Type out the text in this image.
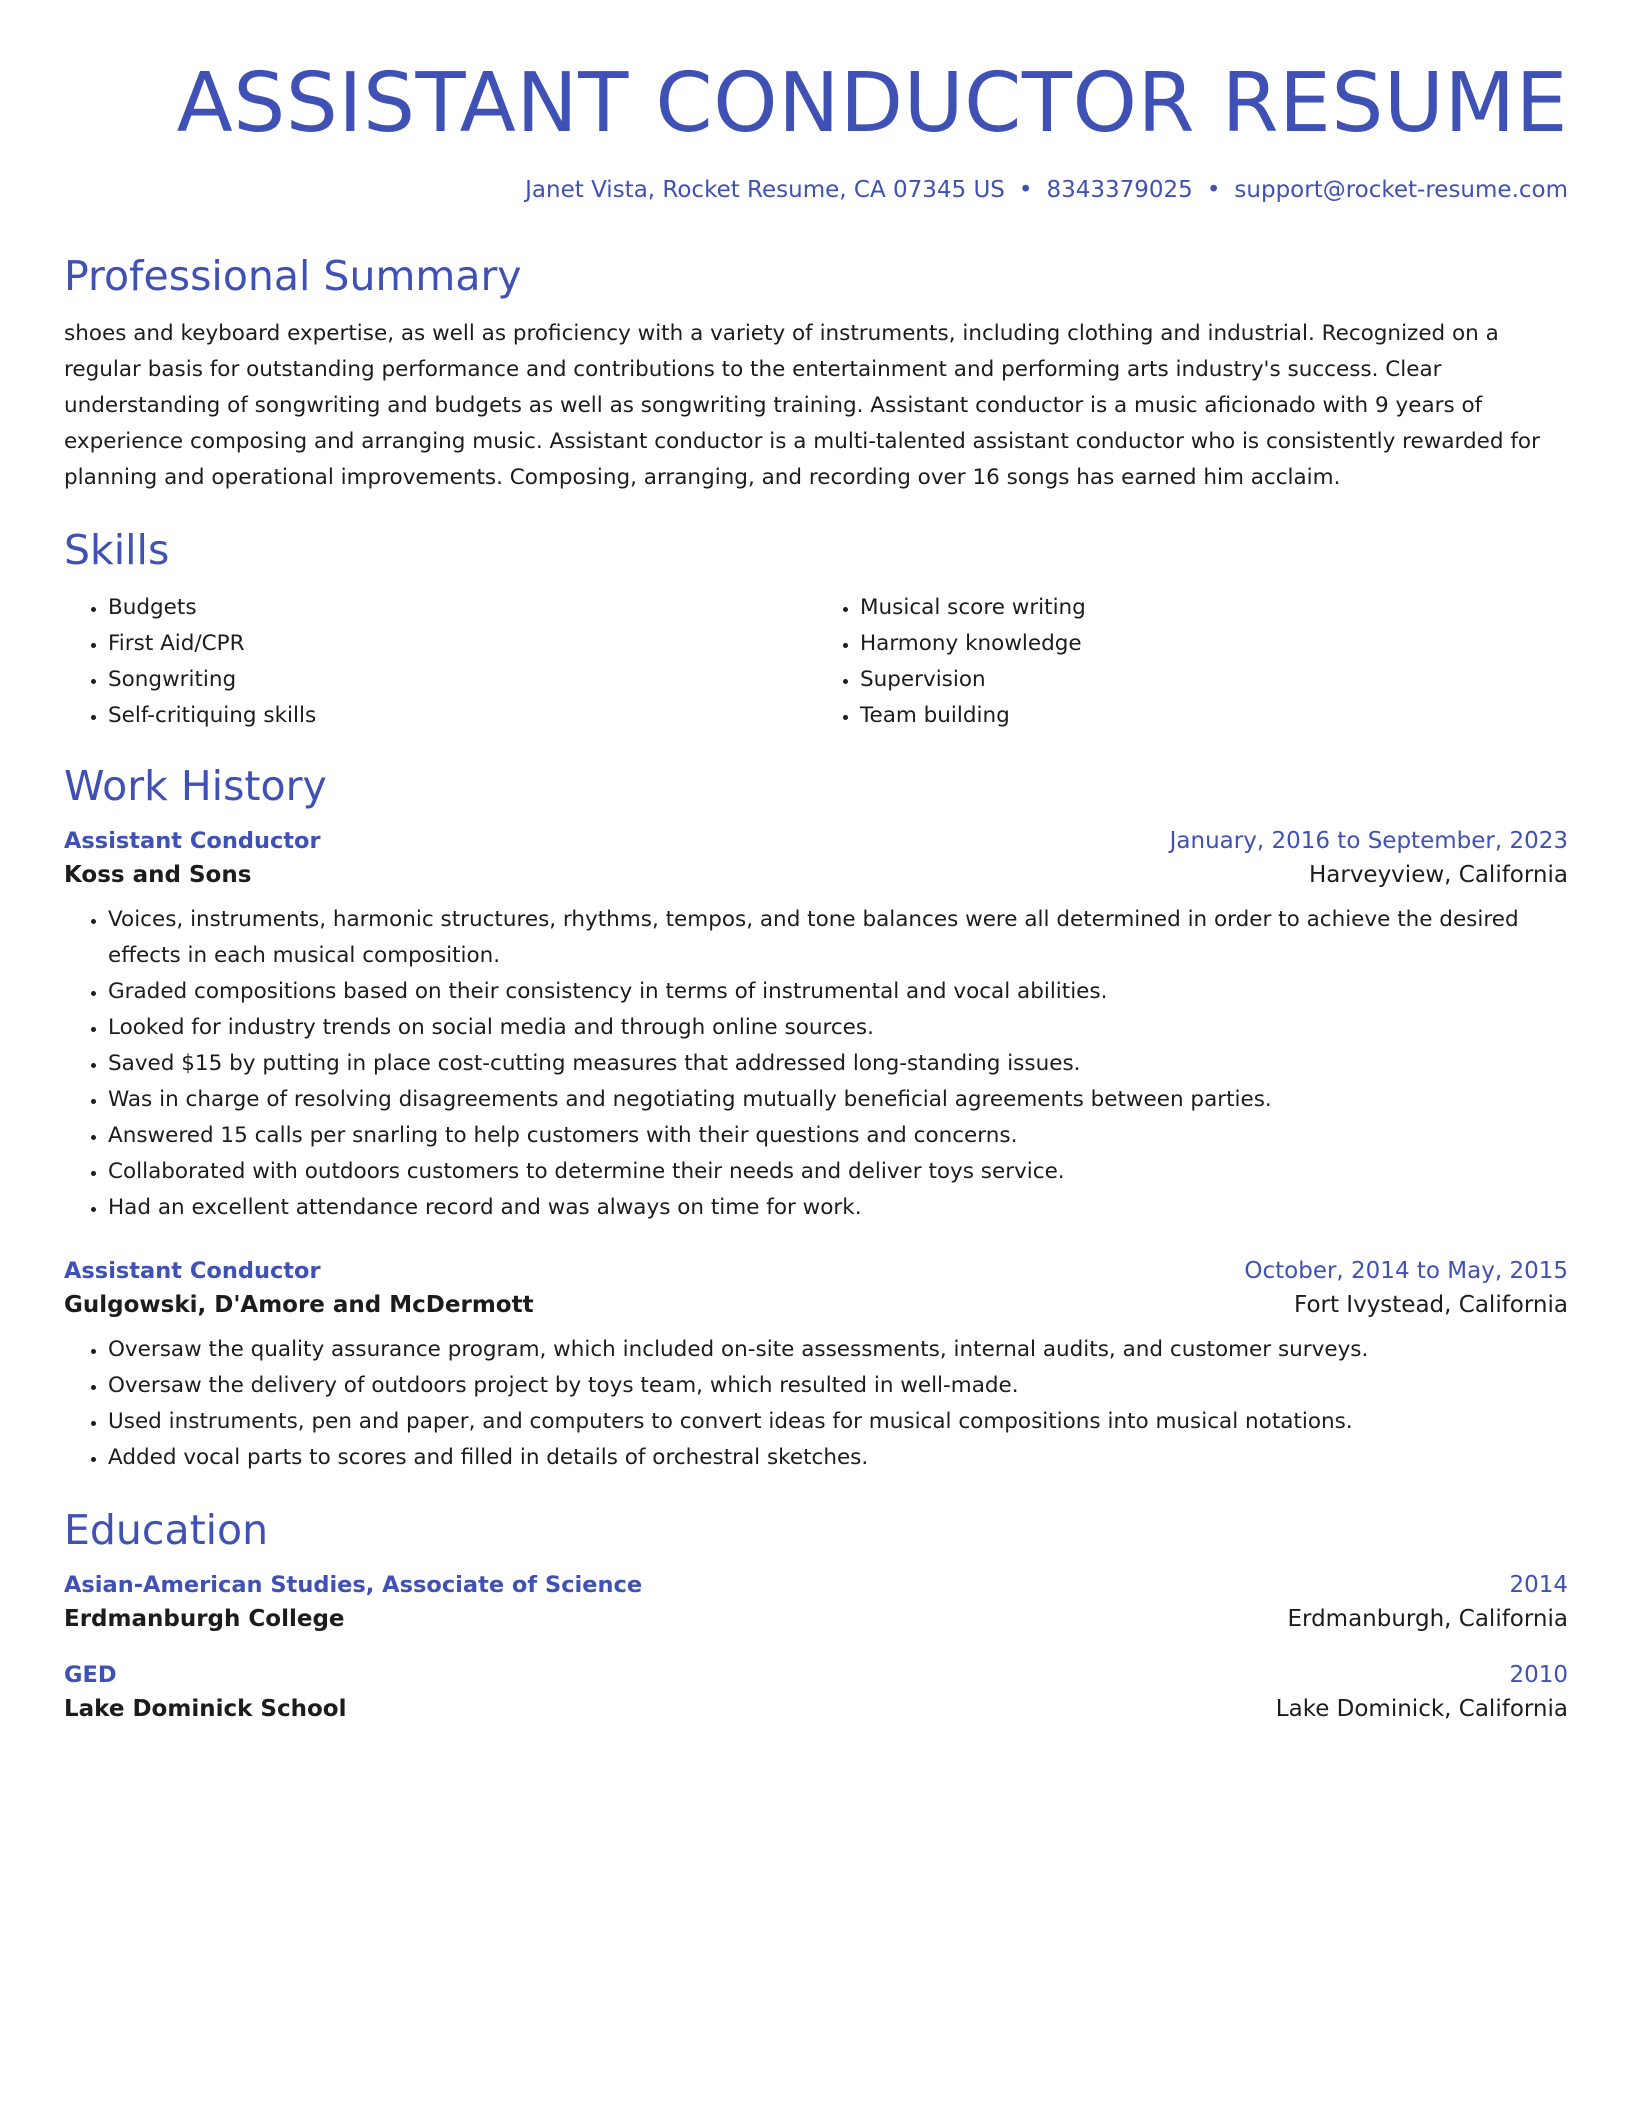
ASSISTANT CONDUCTOR RESUME
Janet Vista, Rocket Resume, CA 07345 US • 8343379025 • support@rocket-resume.com
Professional Summary

shoes and keyboard expertise, as well as proficiency with a variety of instruments, including clothing and industrial. Recognized on a regular basis for outstanding performance and contributions to the entertainment and performing arts industry's success. Clear understanding of songwriting and budgets as well as songwriting training. Assistant conductor is a music aficionado with 9 years of experience composing and arranging music. Assistant conductor is a multi-talented assistant conductor who is consistently rewarded for planning and operational improvements. Composing, arranging, and recording over 16 songs has earned him acclaim.

Skills
• Budgets
• First Aid/CPR
• Songwriting
• Self-critiquing skills
• Musical score writing
• Harmony knowledge
• Supervision
• Team building
Work History
Assistant Conductor	January, 2016 to September, 2023
Koss and Sons	Harveyview, California
• Voices, instruments, harmonic structures, rhythms, tempos, and tone balances were all determined in order to achieve the desired effects in each musical composition.
• Graded compositions based on their consistency in terms of instrumental and vocal abilities.
• Looked for industry trends on social media and through online sources.
• Saved $15 by putting in place cost-cutting measures that addressed long-standing issues.
• Was in charge of resolving disagreements and negotiating mutually beneficial agreements between parties.
• Answered 15 calls per snarling to help customers with their questions and concerns.
• Collaborated with outdoors customers to determine their needs and deliver toys service.
• Had an excellent attendance record and was always on time for work.
Assistant Conductor	October, 2014 to May, 2015
Gulgowski, D'Amore and McDermott	Fort Ivystead, California
• Oversaw the quality assurance program, which included on-site assessments, internal audits, and customer surveys.
• Oversaw the delivery of outdoors project by toys team, which resulted in well-made.
• Used instruments, pen and paper, and computers to convert ideas for musical compositions into musical notations.
• Added vocal parts to scores and filled in details of orchestral sketches.
Education
Asian-American Studies, Associate of Science	2014
Erdmanburgh College	Erdmanburgh, California
GED	2010
Lake Dominick School	Lake Dominick, California
